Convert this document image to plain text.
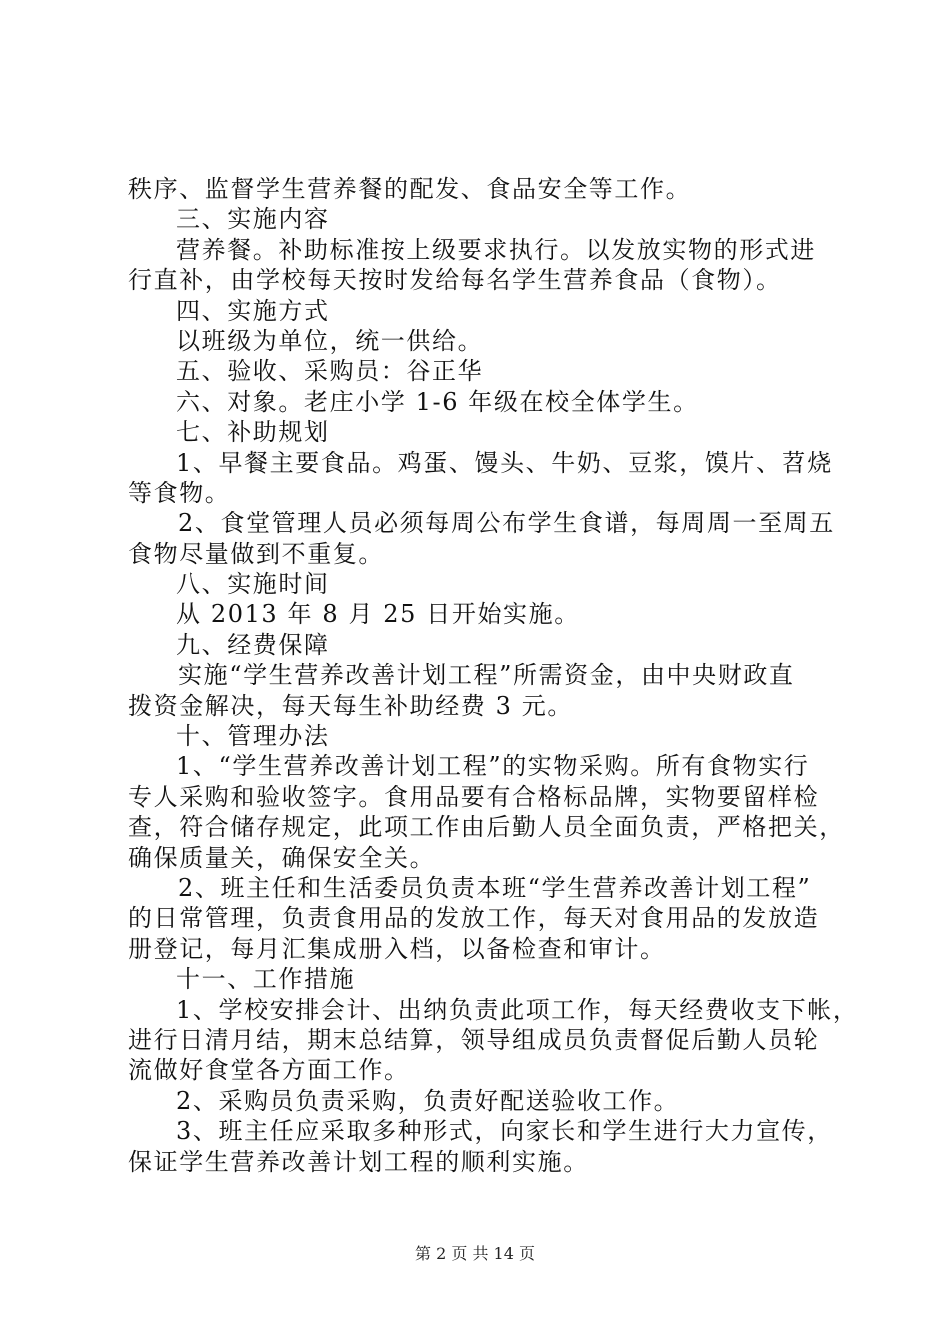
秩序、监督学生营养餐的配发、食品安全等工作。
三、实施内容
营养餐。补助标准按上级要求执行。以发放实物的形式进
行直补，由学校每天按时发给每名学生营养食品（食物）。
四、实施方式
以班级为单位，统一供给。
五、验收、采购员：谷正华
六、对象。老庄小学 1-6 年级在校全体学生。
七、补助规划
1、早餐主要食品。鸡蛋、馒头、牛奶、豆浆，馍片、苕烧
等食物。
2、食堂管理人员必须每周公布学生食谱，每周周一至周五
食物尽量做到不重复。
八、实施时间
从 2013 年 8 月 25 日开始实施。
九、经费保障
实施“学生营养改善计划工程”所需资金，由中央财政直
拨资金解决，每天每生补助经费 3 元。
十、管理办法
1、“学生营养改善计划工程”的实物采购。所有食物实行
专人采购和验收签字。食用品要有合格标品牌，实物要留样检
查，符合储存规定，此项工作由后勤人员全面负责，严格把关，
确保质量关，确保安全关。
2、班主任和生活委员负责本班“学生营养改善计划工程”
的日常管理，负责食用品的发放工作，每天对食用品的发放造
册登记，每月汇集成册入档，以备检查和审计。
十一、工作措施
1、学校安排会计、出纳负责此项工作，每天经费收支下帐，
进行日清月结，期末总结算，领导组成员负责督促后勤人员轮
流做好食堂各方面工作。
2、采购员负责采购，负责好配送验收工作。
3、班主任应采取多种形式，向家长和学生进行大力宣传，
保证学生营养改善计划工程的顺利实施。
第 2 页 共 14 页
